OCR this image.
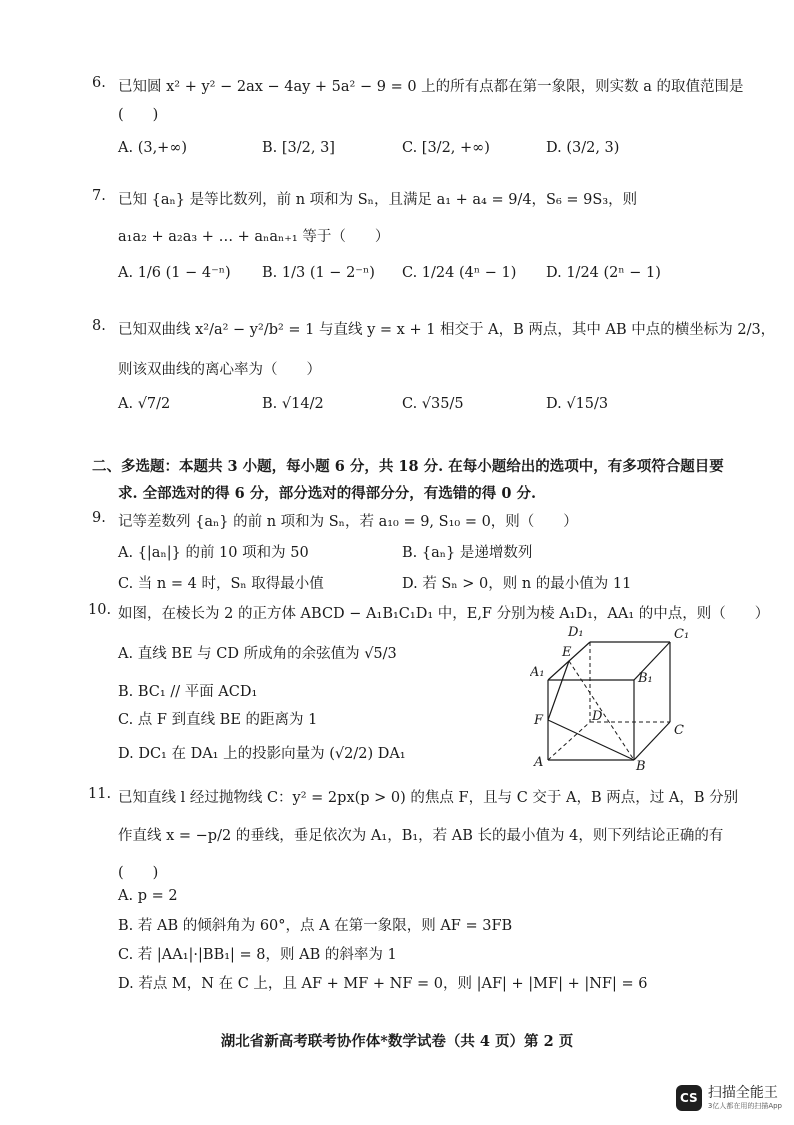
6. 已知圆 x² + y² − 2ax − 4ay + 5a² − 9 = 0 上的所有点都在第一象限，则实数 a 的取值范围是
(　　)
A. (3,+∞)	B. [3/2, 3]	C. [3/2, +∞)	D. (3/2, 3)
7. 已知 {aₙ} 是等比数列，前 n 项和为 Sₙ，且满足 a₁ + a₄ = 9/4，S₆ = 9S₃，则
a₁a₂ + a₂a₃ + … + aₙaₙ₊₁ 等于（　　）
A. 1/6 (1 − 4⁻ⁿ) B. 1/3 (1 − 2⁻ⁿ) C. 1/24 (4ⁿ − 1) D. 1/24 (2ⁿ − 1)
8. 已知双曲线 x²/a² − y²/b² = 1 与直线 y = x + 1 相交于 A，B 两点，其中 AB 中点的横坐标为 2/3，
则该双曲线的离心率为（　　）
A. √7/2	B. √14/2	C. √35/5	D. √15/3
二、多选题：本题共 3 小题，每小题 6 分，共 18 分. 在每小题给出的选项中，有多项符合题目要
求. 全部选对的得 6 分，部分选对的得部分分，有选错的得 0 分.
9. 记等差数列 {aₙ} 的前 n 项和为 Sₙ，若 a₁₀ = 9, S₁₀ = 0，则（　　）
A. {|aₙ|} 的前 10 项和为 50	B. {aₙ} 是递增数列
C. 当 n = 4 时，Sₙ 取得最小值	D. 若 Sₙ > 0，则 n 的最小值为 11
10. 如图，在棱长为 2 的正方体 ABCD − A₁B₁C₁D₁ 中，E,F 分别为棱 A₁D₁，AA₁ 的中点，则（　　）
A. 直线 BE 与 CD 所成角的余弦值为 √5/3
B. BC₁ // 平面 ACD₁
C. 点 F 到直线 BE 的距离为 1
D. DC₁ 在 DA₁ 上的投影向量为 (√2/2) DA₁
D₁	C₁
E
A₁	B₁
F	D
C
A	B
11. 已知直线 l 经过抛物线 C：y² = 2px(p > 0) 的焦点 F，且与 C 交于 A，B 两点，过 A，B 分别
作直线 x = −p/2 的垂线，垂足依次为 A₁，B₁，若 AB 长的最小值为 4，则下列结论正确的有
(　　)
A. p = 2
B. 若 AB 的倾斜角为 60°，点 A 在第一象限，则 AF = 3FB
C. 若 |AA₁|·|BB₁| = 8，则 AB 的斜率为 1
D. 若点 M，N 在 C 上，且 AF + MF + NF = 0，则 |AF| + |MF| + |NF| = 6
湖北省新高考联考协作体*数学试卷（共 4 页）第 2 页
CS 扫描全能王
3亿人都在用的扫描App
